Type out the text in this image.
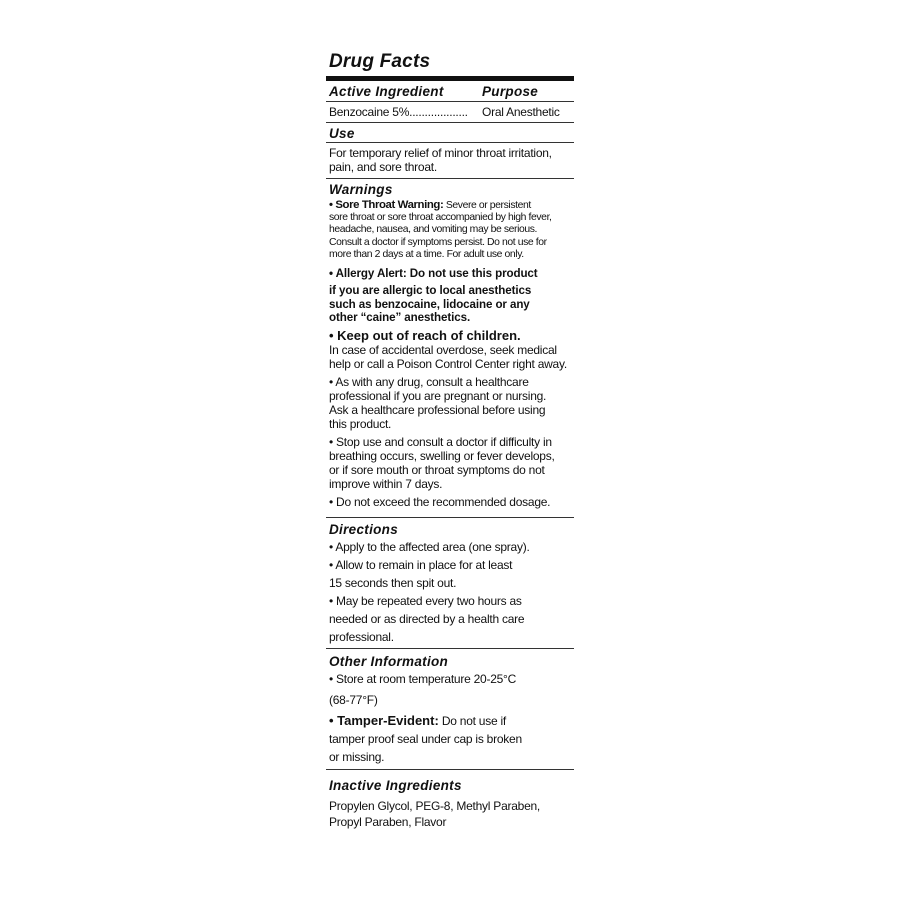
Drug Facts
Active Ingredient	Purpose
Benzocaine 5%...................	Oral Anesthetic
Use
For temporary relief of minor throat irritation,
pain, and sore throat.
Warnings
• Sore Throat Warning: Severe or persistent
sore throat or sore throat accompanied by high fever,
headache, nausea, and vomiting may be serious.
Consult a doctor if symptoms persist. Do not use for
more than 2 days at a time. For adult use only.
• Allergy Alert: Do not use this product
if you are allergic to local anesthetics
such as benzocaine, lidocaine or any
other “caine” anesthetics.
• Keep out of reach of children.
In case of accidental overdose, seek medical
help or call a Poison Control Center right away.
• As with any drug, consult a healthcare
professional if you are pregnant or nursing.
Ask a healthcare professional before using
this product.
• Stop use and consult a doctor if difficulty in
breathing occurs, swelling or fever develops,
or if sore mouth or throat symptoms do not
improve within 7 days.
• Do not exceed the recommended dosage.
Directions
• Apply to the affected area (one spray).
• Allow to remain in place for at least
15 seconds then spit out.
• May be repeated every two hours as
needed or as directed by a health care
professional.
Other Information
• Store at room temperature 20-25°C
(68-77°F)
• Tamper-Evident: Do not use if
tamper proof seal under cap is broken
or missing.
Inactive Ingredients
Propylen Glycol, PEG-8, Methyl Paraben,
Propyl Paraben, Flavor
